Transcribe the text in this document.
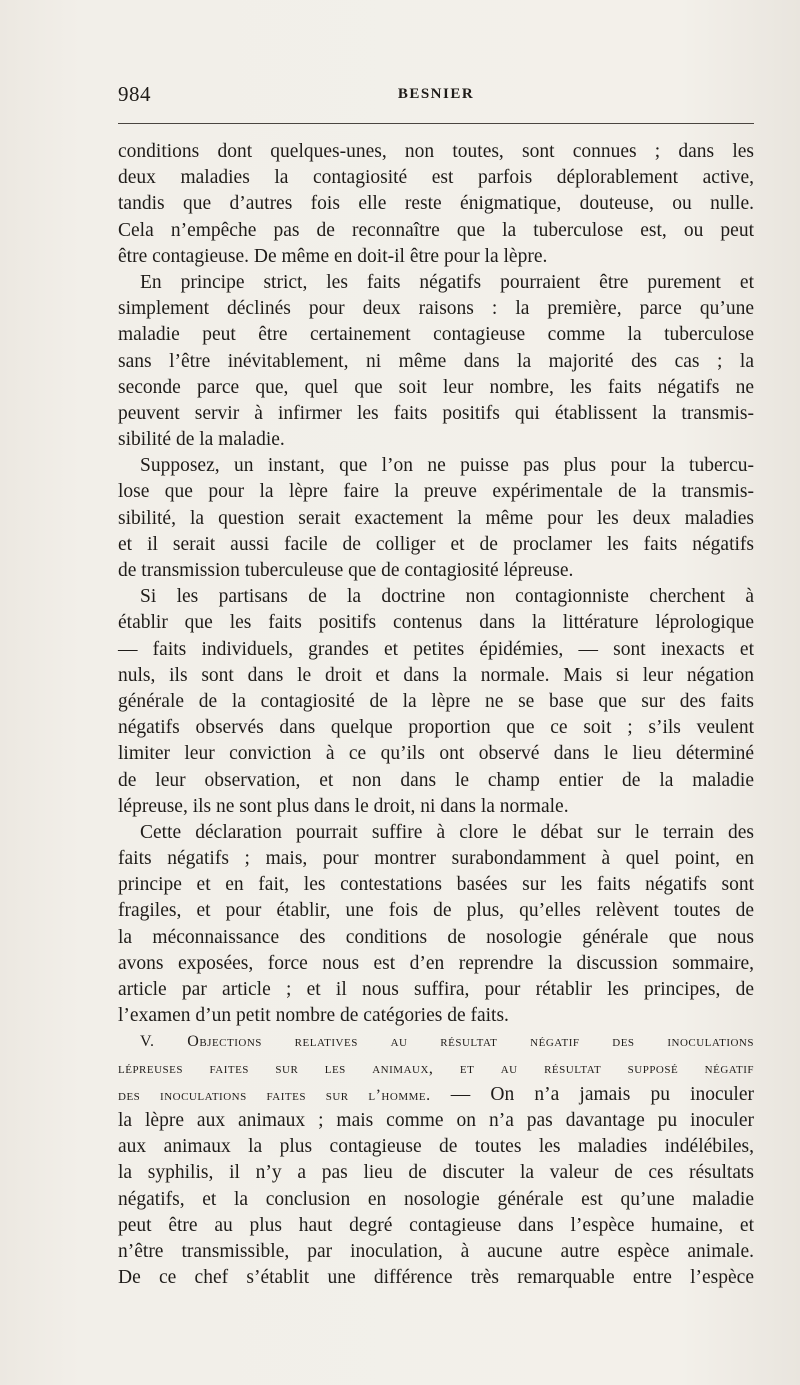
984	BESNIER
conditions dont quelques-unes, non toutes, sont connues ; dans les
deux maladies la contagiosité est parfois déplorablement active,
tandis que d’autres fois elle reste énigmatique, douteuse, ou nulle.
Cela n’empêche pas de reconnaître que la tuberculose est, ou peut
être contagieuse. De même en doit-il être pour la lèpre.
En principe strict, les faits négatifs pourraient être purement et
simplement déclinés pour deux raisons : la première, parce qu’une
maladie peut être certainement contagieuse comme la tuberculose
sans l’être inévitablement, ni même dans la majorité des cas ; la
seconde parce que, quel que soit leur nombre, les faits négatifs ne
peuvent servir à infirmer les faits positifs qui établissent la transmis-
sibilité de la maladie.
Supposez, un instant, que l’on ne puisse pas plus pour la tubercu-
lose que pour la lèpre faire la preuve expérimentale de la transmis-
sibilité, la question serait exactement la même pour les deux maladies
et il serait aussi facile de colliger et de proclamer les faits négatifs
de transmission tuberculeuse que de contagiosité lépreuse.
Si les partisans de la doctrine non contagionniste cherchent à
établir que les faits positifs contenus dans la littérature léprologique
— faits individuels, grandes et petites épidémies, — sont inexacts et
nuls, ils sont dans le droit et dans la normale. Mais si leur négation
générale de la contagiosité de la lèpre ne se base que sur des faits
négatifs observés dans quelque proportion que ce soit ; s’ils veulent
limiter leur conviction à ce qu’ils ont observé dans le lieu déterminé
de leur observation, et non dans le champ entier de la maladie
lépreuse, ils ne sont plus dans le droit, ni dans la normale.
Cette déclaration pourrait suffire à clore le débat sur le terrain des
faits négatifs ; mais, pour montrer surabondamment à quel point, en
principe et en fait, les contestations basées sur les faits négatifs sont
fragiles, et pour établir, une fois de plus, qu’elles relèvent toutes de
la méconnaissance des conditions de nosologie générale que nous
avons exposées, force nous est d’en reprendre la discussion sommaire,
article par article ; et il nous suffira, pour rétablir les principes, de
l’examen d’un petit nombre de catégories de faits.
V. Objections relatives au résultat négatif des inoculations
lépreuses faites sur les animaux, et au résultat supposé négatif
des inoculations faites sur l’homme. — On n’a jamais pu inoculer
la lèpre aux animaux ; mais comme on n’a pas davantage pu inoculer
aux animaux la plus contagieuse de toutes les maladies indélébiles,
la syphilis, il n’y a pas lieu de discuter la valeur de ces résultats
négatifs, et la conclusion en nosologie générale est qu’une maladie
peut être au plus haut degré contagieuse dans l’espèce humaine, et
n’être transmissible, par inoculation, à aucune autre espèce animale.
De ce chef s’établit une différence très remarquable entre l’espèce
